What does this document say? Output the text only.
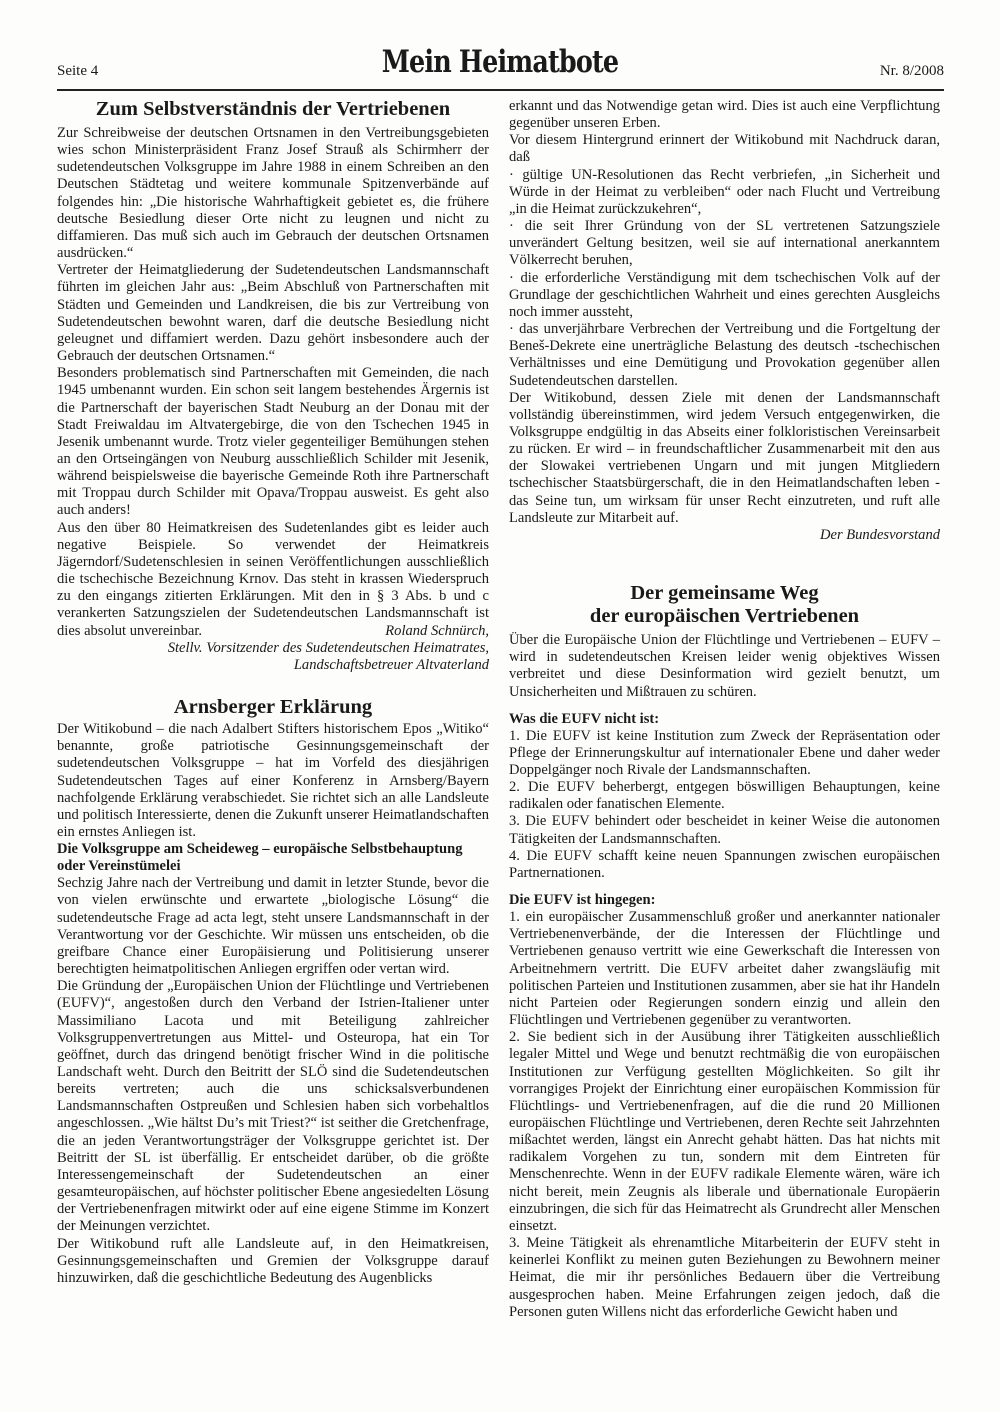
Seite 4	Mein Heimatbote	Nr. 8/2008
Zum Selbstverständnis der Vertriebenen

Zur Schreibweise der deutschen Ortsnamen in den Vertreibungsgebieten wies schon Ministerpräsident Franz Josef Strauß als Schirmherr der sudetendeutschen Volksgruppe im Jahre 1988 in einem Schreiben an den Deutschen Städtetag und weitere kommunale Spitzenverbände auf folgendes hin: „Die historische Wahrhaftigkeit gebietet es, die frühere deutsche Besiedlung dieser Orte nicht zu leugnen und nicht zu diffamieren. Das muß sich auch im Gebrauch der deutschen Ortsnamen ausdrücken.“

Vertreter der Heimatgliederung der Sudetendeutschen Landsmannschaft führten im gleichen Jahr aus: „Beim Abschluß von Partnerschaften mit Städten und Gemeinden und Landkreisen, die bis zur Vertreibung von Sudetendeutschen bewohnt waren, darf die deutsche Besiedlung nicht geleugnet und diffamiert werden. Dazu gehört insbesondere auch der Gebrauch der deutschen Ortsnamen.“

Besonders problematisch sind Partnerschaften mit Gemeinden, die nach 1945 umbenannt wurden. Ein schon seit langem bestehendes Ärgernis ist die Partnerschaft der bayerischen Stadt Neuburg an der Donau mit der Stadt Freiwaldau im Altvatergebirge, die von den Tschechen 1945 in Jesenik umbenannt wurde. Trotz vieler gegenteiliger Bemühungen stehen an den Ortseingängen von Neuburg ausschließlich Schilder mit Jesenik, während beispielsweise die bayerische Gemeinde Roth ihre Partnerschaft mit Troppau durch Schilder mit Opava/Troppau ausweist. Es geht also auch anders!

Aus den über 80 Heimatkreisen des Sudetenlandes gibt es leider auch negative Beispiele. So verwendet der Heimatkreis Jägerndorf/Sudetenschlesien in seinen Veröffentlichungen ausschließlich die tschechische Bezeichnung Krnov. Das steht in krassen Wiederspruch zu den eingangs zitierten Erklärungen. Mit den in § 3 Abs. b und c verankerten Satzungszielen der Sudetendeutschen Landsmannschaft ist dies absolut unvereinbar.	Roland Schnürch,

Stellv. Vorsitzender des Sudetendeutschen Heimatrates,

Landschaftsbetreuer Altvaterland

Arnsberger Erklärung

Der Witikobund – die nach Adalbert Stifters historischem Epos „Witiko“ benannte, große patriotische Gesinnungsgemeinschaft der sudetendeutschen Volksgruppe – hat im Vorfeld des diesjährigen Sudetendeutschen Tages auf einer Konferenz in Arnsberg/Bayern nachfolgende Erklärung verabschiedet. Sie richtet sich an alle Landsleute und politisch Interessierte, denen die Zukunft unserer Heimatlandschaften ein ernstes Anliegen ist.

Die Volksgruppe am Scheideweg – europäische Selbstbehauptung oder Vereinstümelei

Sechzig Jahre nach der Vertreibung und damit in letzter Stunde, bevor die von vielen erwünschte und erwartete „biologische Lösung“ die sudetendeutsche Frage ad acta legt, steht unsere Landsmannschaft in der Verantwortung vor der Geschichte. Wir müssen uns entscheiden, ob die greifbare Chance einer Europäisierung und Politisierung unserer berechtigten heimatpolitischen Anliegen ergriffen oder vertan wird.

Die Gründung der „Europäischen Union der Flüchtlinge und Vertriebenen (EUFV)“, angestoßen durch den Verband der Istrien-Italiener unter Massimiliano Lacota und mit Beteiligung zahlreicher Volksgruppenvertretungen aus Mittel- und Osteuropa, hat ein Tor geöffnet, durch das dringend benötigt frischer Wind in die politische Landschaft weht. Durch den Beitritt der SLÖ sind die Sudetendeutschen bereits vertreten; auch die uns schicksalsverbundenen Landsmannschaften Ostpreußen und Schlesien haben sich vorbehaltlos angeschlossen. „Wie hältst Du’s mit Triest?“ ist seither die Gretchenfrage, die an jeden Verantwortungsträger der Volksgruppe gerichtet ist. Der Beitritt der SL ist überfällig. Er entscheidet darüber, ob die größte Interessengemeinschaft der Sudetendeutschen an einer gesamteuropäischen, auf höchster politischer Ebene angesiedelten Lösung der Vertriebenenfragen mitwirkt oder auf eine eigene Stimme im Konzert der Meinungen verzichtet.

Der Witikobund ruft alle Landsleute auf, in den Heimatkreisen, Gesinnungsgemeinschaften und Gremien der Volksgruppe darauf hinzuwirken, daß die geschichtliche Bedeutung des Augenblicks

erkannt und das Notwendige getan wird. Dies ist auch eine Verpflichtung gegenüber unseren Erben.

Vor diesem Hintergrund erinnert der Witikobund mit Nachdruck daran, daß

· gültige UN-Resolutionen das Recht verbriefen, „in Sicherheit und Würde in der Heimat zu verbleiben“ oder nach Flucht und Vertreibung „in die Heimat zurückzukehren“,

· die seit Ihrer Gründung von der SL vertretenen Satzungsziele unverändert Geltung besitzen, weil sie auf international anerkanntem Völkerrecht beruhen,

· die erforderliche Verständigung mit dem tschechischen Volk auf der Grundlage der geschichtlichen Wahrheit und eines gerechten Ausgleichs noch immer aussteht,

· das unverjährbare Verbrechen der Vertreibung und die Fortgeltung der Beneš-Dekrete eine unerträgliche Belastung des deutsch -tschechischen Verhältnisses und eine Demütigung und Provokation gegenüber allen Sudetendeutschen darstellen.

Der Witikobund, dessen Ziele mit denen der Landsmannschaft vollständig übereinstimmen, wird jedem Versuch entgegenwirken, die Volksgruppe endgültig in das Abseits einer folkloristischen Vereinsarbeit zu rücken. Er wird – in freundschaftlicher Zusammenarbeit mit den aus der Slowakei vertriebenen Ungarn und mit jungen Mitgliedern tschechischer Staatsbürgerschaft, die in den Heimatlandschaften leben - das Seine tun, um wirksam für unser Recht einzutreten, und ruft alle Landsleute zur Mitarbeit auf.

Der Bundesvorstand

Der gemeinsame Weg
der europäischen Vertriebenen

Über die Europäische Union der Flüchtlinge und Vertriebenen – EUFV – wird in sudetendeutschen Kreisen leider wenig objektives Wissen verbreitet und diese Desinformation wird gezielt benutzt, um Unsicherheiten und Mißtrauen zu schüren.

Was die EUFV nicht ist:

1. Die EUFV ist keine Institution zum Zweck der Repräsentation oder Pflege der Erinnerungskultur auf internationaler Ebene und daher weder Doppelgänger noch Rivale der Landsmannschaften.

2. Die EUFV beherbergt, entgegen böswilligen Behauptungen, keine radikalen oder fanatischen Elemente.

3. Die EUFV behindert oder bescheidet in keiner Weise die autonomen Tätigkeiten der Landsmannschaften.

4. Die EUFV schafft keine neuen Spannungen zwischen europäischen Partnernationen.

Die EUFV ist hingegen:

1. ein europäischer Zusammenschluß großer und anerkannter nationaler Vertriebenenverbände, der die Interessen der Flüchtlinge und Vertriebenen genauso vertritt wie eine Gewerkschaft die Interessen von Arbeitnehmern vertritt. Die EUFV arbeitet daher zwangsläufig mit politischen Parteien und Institutionen zusammen, aber sie hat ihr Handeln nicht Parteien oder Regierungen sondern einzig und allein den Flüchtlingen und Vertriebenen gegenüber zu verantworten.

2. Sie bedient sich in der Ausübung ihrer Tätigkeiten ausschließlich legaler Mittel und Wege und benutzt rechtmäßig die von europäischen Institutionen zur Verfügung gestellten Möglichkeiten. So gilt ihr vorrangiges Projekt der Einrichtung einer europäischen Kommission für Flüchtlings- und Vertriebenenfragen, auf die die rund 20 Millionen europäischen Flüchtlinge und Vertriebenen, deren Rechte seit Jahrzehnten mißachtet werden, längst ein Anrecht gehabt hätten. Das hat nichts mit radikalem Vorgehen zu tun, sondern mit dem Eintreten für Menschenrechte. Wenn in der EUFV radikale Elemente wären, wäre ich nicht bereit, mein Zeugnis als liberale und übernationale Europäerin einzubringen, die sich für das Heimatrecht als Grundrecht aller Menschen einsetzt.

3. Meine Tätigkeit als ehrenamtliche Mitarbeiterin der EUFV steht in keinerlei Konflikt zu meinen guten Beziehungen zu Bewohnern meiner Heimat, die mir ihr persönliches Bedauern über die Vertreibung ausgesprochen haben. Meine Erfahrungen zeigen jedoch, daß die Personen guten Willens nicht das erforderliche Gewicht haben und
